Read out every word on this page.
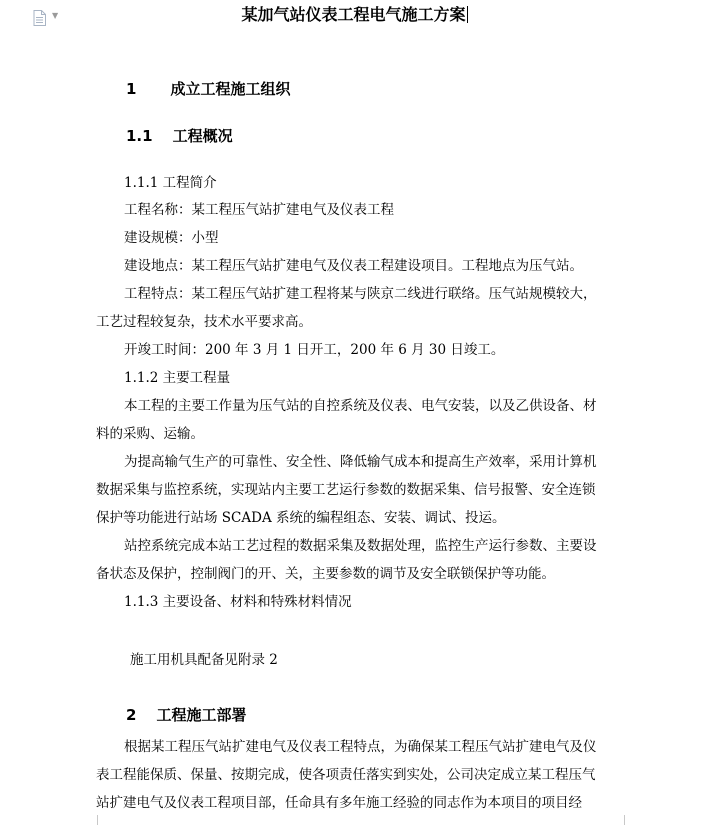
▼	某加气站仪表工程电气施工方案
1 成立工程施工组织
1.1 工程概况
1.1.1 工程简介
工程名称：某工程压气站扩建电气及仪表工程
建设规模：小型
建设地点：某工程压气站扩建电气及仪表工程建设项目。工程地点为压气站。
工程特点：某工程压气站扩建工程将某与陕京二线进行联络。压气站规模较大，
工艺过程较复杂，技术水平要求高。
开竣工时间：200 年 3 月 1 日开工，200 年 6 月 30 日竣工。
1.1.2 主要工程量
本工程的主要工作量为压气站的自控系统及仪表、电气安装，以及乙供设备、材
料的采购、运输。
为提高输气生产的可靠性、安全性、降低输气成本和提高生产效率，采用计算机
数据采集与监控系统，实现站内主要工艺运行参数的数据采集、信号报警、安全连锁
保护等功能进行站场 SCADA 系统的编程组态、安装、调试、投运。
站控系统完成本站工艺过程的数据采集及数据处理，监控生产运行参数、主要设
备状态及保护，控制阀门的开、关，主要参数的调节及安全联锁保护等功能。
1.1.3 主要设备、材料和特殊材料情况
施工用机具配备见附录 2
2 工程施工部署
根据某工程压气站扩建电气及仪表工程特点，为确保某工程压气站扩建电气及仪
表工程能保质、保量、按期完成，使各项责任落实到实处，公司决定成立某工程压气
站扩建电气及仪表工程项目部，任命具有多年施工经验的同志作为本项目的项目经
